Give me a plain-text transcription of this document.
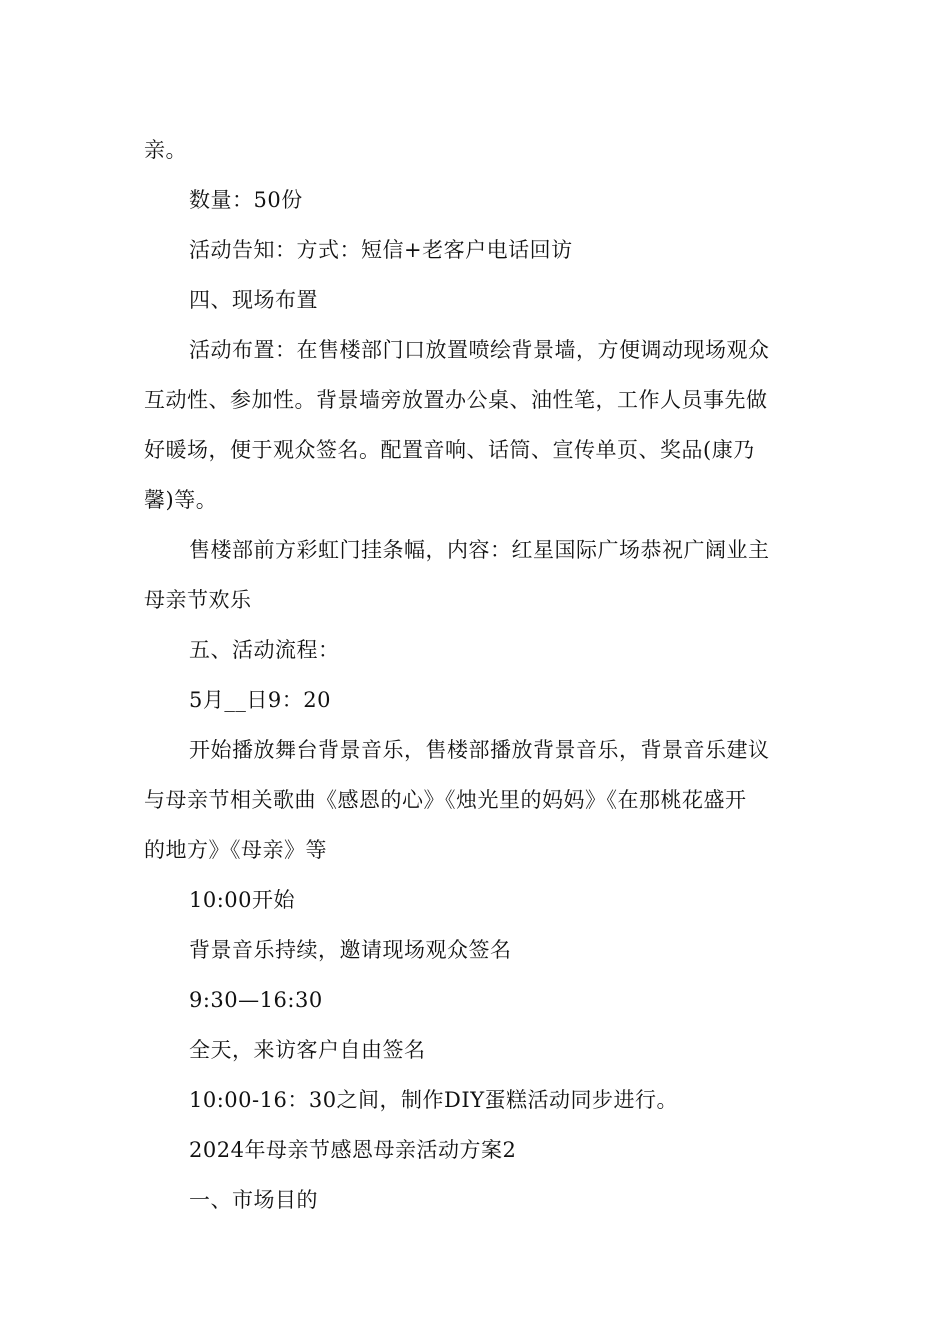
亲。
数量：50份
活动告知：方式：短信+老客户电话回访
四、现场布置
活动布置：在售楼部门口放置喷绘背景墙，方便调动现场观众
互动性、参加性。背景墙旁放置办公桌、油性笔，工作人员事先做
好暖场，便于观众签名。配置音响、话筒、宣传单页、奖品(康乃
馨)等。
售楼部前方彩虹门挂条幅，内容：红星国际广场恭祝广阔业主
母亲节欢乐
五、活动流程：
5月__日9：20
开始播放舞台背景音乐，售楼部播放背景音乐，背景音乐建议
与母亲节相关歌曲《感恩的心》《烛光里的妈妈》《在那桃花盛开
的地方》《母亲》等
10:00开始
背景音乐持续，邀请现场观众签名
9:30—16:30
全天，来访客户自由签名
10:00-16：30之间，制作DIY蛋糕活动同步进行。
2024年母亲节感恩母亲活动方案2
一、市场目的
